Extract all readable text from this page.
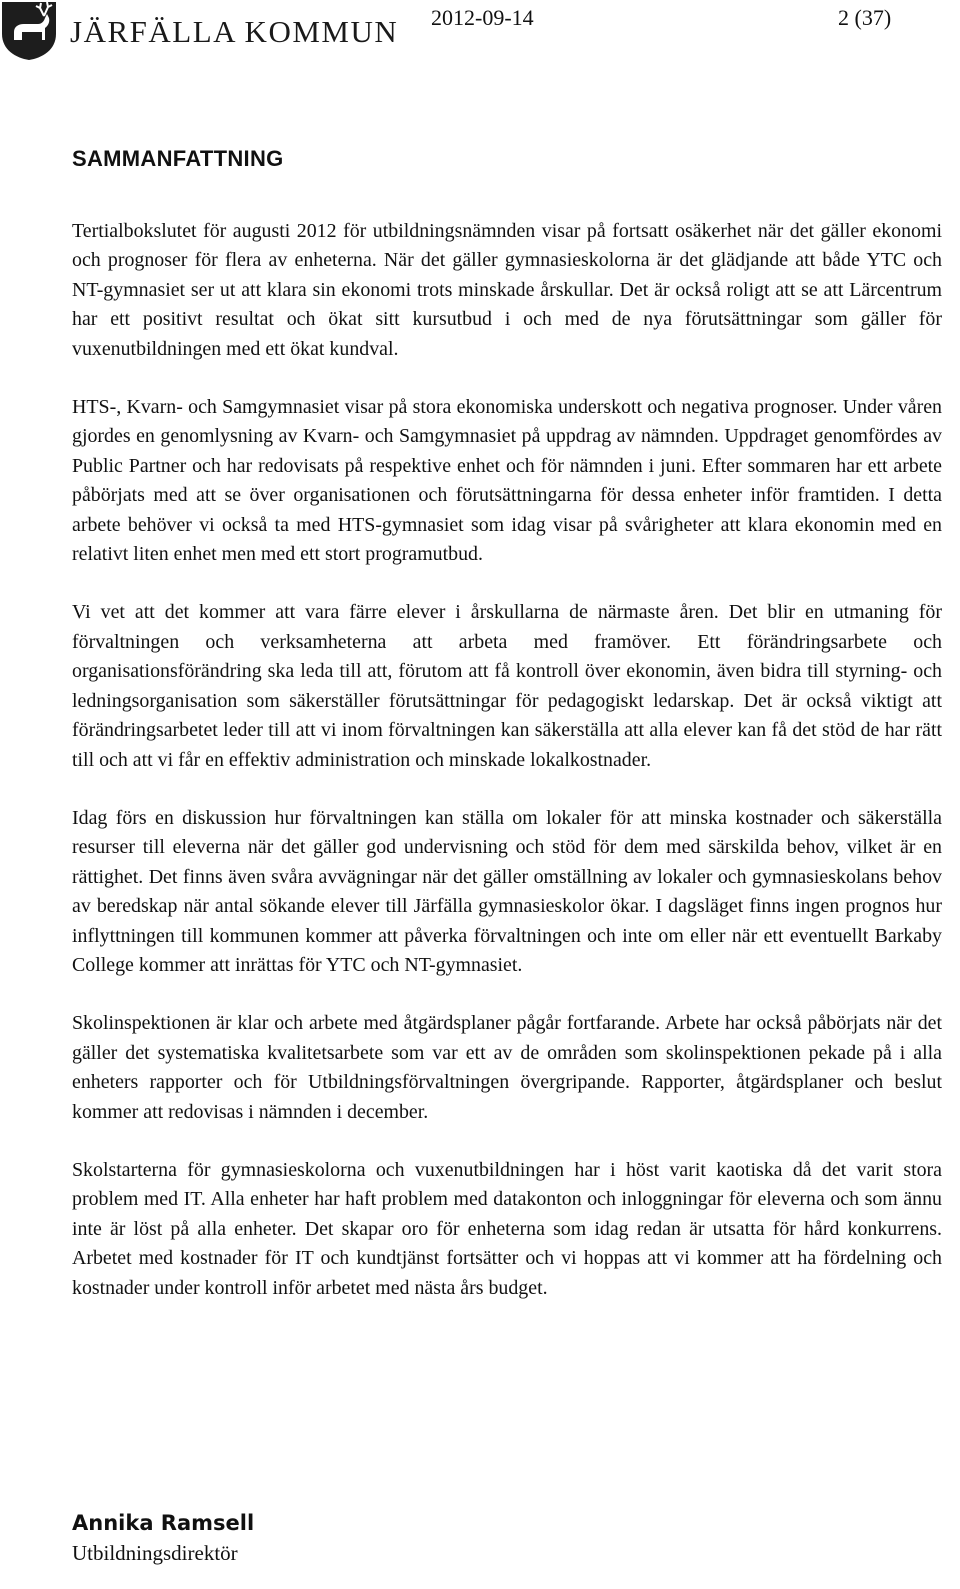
JÄRFÄLLA KOMMUN 2012-09-14	2 (37)
SAMMANFATTNING

Tertialbokslutet för augusti 2012 för utbildningsnämnden visar på fortsatt osäkerhet när det gäller ekonomi och prognoser för flera av enheterna. När det gäller gymnasieskolorna är det glädjande att både YTC och NT-gymnasiet ser ut att klara sin ekonomi trots minskade årskullar. Det är också roligt att se att Lärcentrum har ett positivt resultat och ökat sitt kursutbud i och med de nya förutsättningar som gäller för vuxenutbildningen med ett ökat kundval.

HTS-, Kvarn- och Samgymnasiet visar på stora ekonomiska underskott och negativa prognoser. Under våren gjordes en genomlysning av Kvarn- och Samgymnasiet på uppdrag av nämnden. Uppdraget genomfördes av Public Partner och har redovisats på respektive enhet och för nämnden i juni. Efter sommaren har ett arbete påbörjats med att se över organisationen och förutsättningarna för dessa enheter inför framtiden. I detta arbete behöver vi också ta med HTS-gymnasiet som idag visar på svårigheter att klara ekonomin med en relativt liten enhet men med ett stort programutbud.

Vi vet att det kommer att vara färre elever i årskullarna de närmaste åren. Det blir en utmaning för förvaltningen och verksamheterna att arbeta med framöver. Ett förändringsarbete och organisationsförändring ska leda till att, förutom att få kontroll över ekonomin, även bidra till styrning- och ledningsorganisation som säkerställer förutsättningar för pedagogiskt ledarskap. Det är också viktigt att förändringsarbetet leder till att vi inom förvaltningen kan säkerställa att alla elever kan få det stöd de har rätt till och att vi får en effektiv administration och minskade lokalkostnader.

Idag förs en diskussion hur förvaltningen kan ställa om lokaler för att minska kostnader och säkerställa resurser till eleverna när det gäller god undervisning och stöd för dem med särskilda behov, vilket är en rättighet. Det finns även svåra avvägningar när det gäller omställning av lokaler och gymnasieskolans behov av beredskap när antal sökande elever till Järfälla gymnasieskolor ökar. I dagsläget finns ingen prognos hur inflyttningen till kommunen kommer att påverka förvaltningen och inte om eller när ett eventuellt Barkaby College kommer att inrättas för YTC och NT-gymnasiet.

Skolinspektionen är klar och arbete med åtgärdsplaner pågår fortfarande. Arbete har också påbörjats när det gäller det systematiska kvalitetsarbete som var ett av de områden som skolinspektionen pekade på i alla enheters rapporter och för Utbildningsförvaltningen övergripande. Rapporter, åtgärdsplaner och beslut kommer att redovisas i nämnden i december.

Skolstarterna för gymnasieskolorna och vuxenutbildningen har i höst varit kaotiska då det varit stora problem med IT. Alla enheter har haft problem med datakonton och inloggningar för eleverna och som ännu inte är löst på alla enheter. Det skapar oro för enheterna som idag redan är utsatta för hård konkurrens. Arbetet med kostnader för IT och kundtjänst fortsätter och vi hoppas att vi kommer att ha fördelning och kostnader under kontroll inför arbetet med nästa års budget.

Annika Ramsell
Utbildningsdirektör
